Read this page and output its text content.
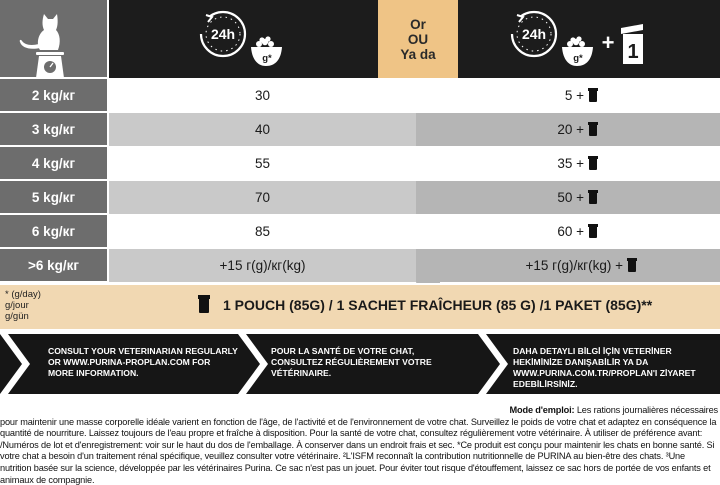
24h
g*
Or
OU
Ya da
24h
g*
+ 1
2 kg/кг	30	5 +
3 kg/кг	40	20 +
4 kg/кг	55	35 +
5 kg/кг	70	50 +
6 kg/кг	85	60 +
>6 kg/кг	+15 г(g)/кг(kg)	+15 г(g)/кг(kg) +
* (g/day)
g/jour
g/gün
1 POUCH (85G) / 1 SACHET FRAÎCHEUR (85 G) /1 PAKET (85G)**
CONSULT YOUR VETERINARIAN REGULARLY OR WWW.PURINA-PROPLAN.COM FOR MORE INFORMATION.
POUR LA SANTÉ DE VOTRE CHAT, CONSULTEZ RÉGULIÈREMENT VOTRE VÉTÉRINAIRE.
DAHA DETAYLI BİLGİ İÇİN VETERİNER HEKİMİNİZE DANIŞABİLİR YA DA WWW.PURINA.COM.TR/PROPLAN'I ZİYARET EDEBİLİRSİNİZ.
Mode d'emploi: Les rations journalières nécessaires
pour maintenir une masse corporelle idéale varient en fonction de l'âge, de l'activité et de l'environnement de votre chat. Surveillez le poids de votre chat et adaptez en conséquence la quantité de nourriture. Laissez toujours de l'eau propre et fraîche à disposition. Pour la santé de votre chat, consultez régulièrement votre vétérinaire. À utiliser de préférence avant: /Numéros de lot et d'enregistrement: voir sur le haut du dos de l'emballage. À conserver dans un endroit frais et sec. *Ce produit est conçu pour maintenir les chats en bonne santé. Si votre chat a besoin d'un traitement rénal spécifique, veuillez consulter votre vétérinaire. ²L'ISFM reconnaît la contribution nutritionnelle de PURINA au bien-être des chats. ³Une nutrition basée sur la science, développée par les vétérinaires Purina. Ce sac n'est pas un jouet. Pour éviter tout risque d'étouffement, laissez ce sac hors de portée de vos enfants et animaux de compagnie.
